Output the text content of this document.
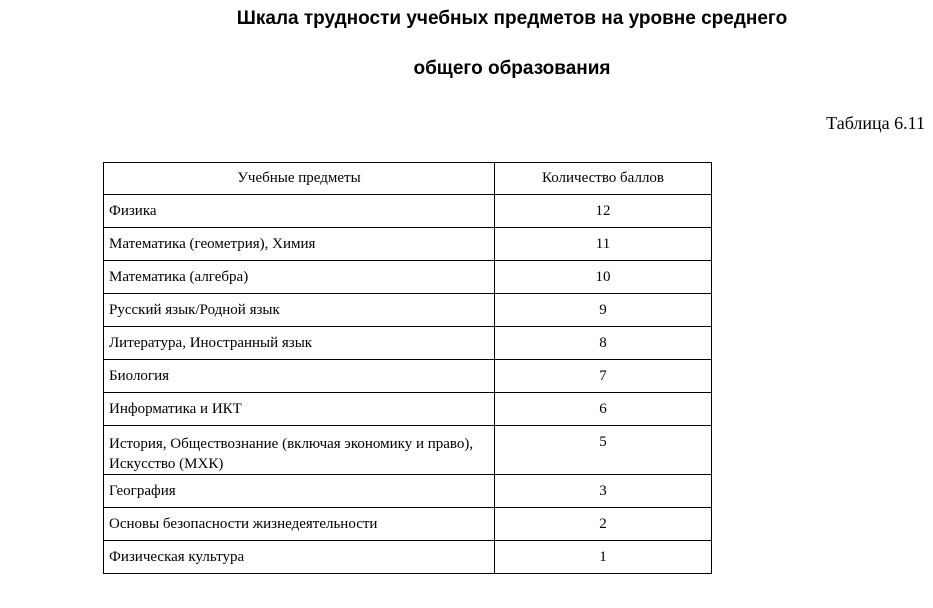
Шкала трудности учебных предметов на уровне среднего
общего образования
Таблица 6.11
Учебные предметы	Количество баллов
Физика	12
Математика (геометрия), Химия	11
Математика (алгебра)	10
Русский язык/Родной язык	9
Литература, Иностранный язык	8
Биология	7
Информатика и ИКТ	6
История, Обществознание (включая экономику и право), Искусство (МХК)	5
География	3
Основы безопасности жизнедеятельности	2
Физическая культура	1
